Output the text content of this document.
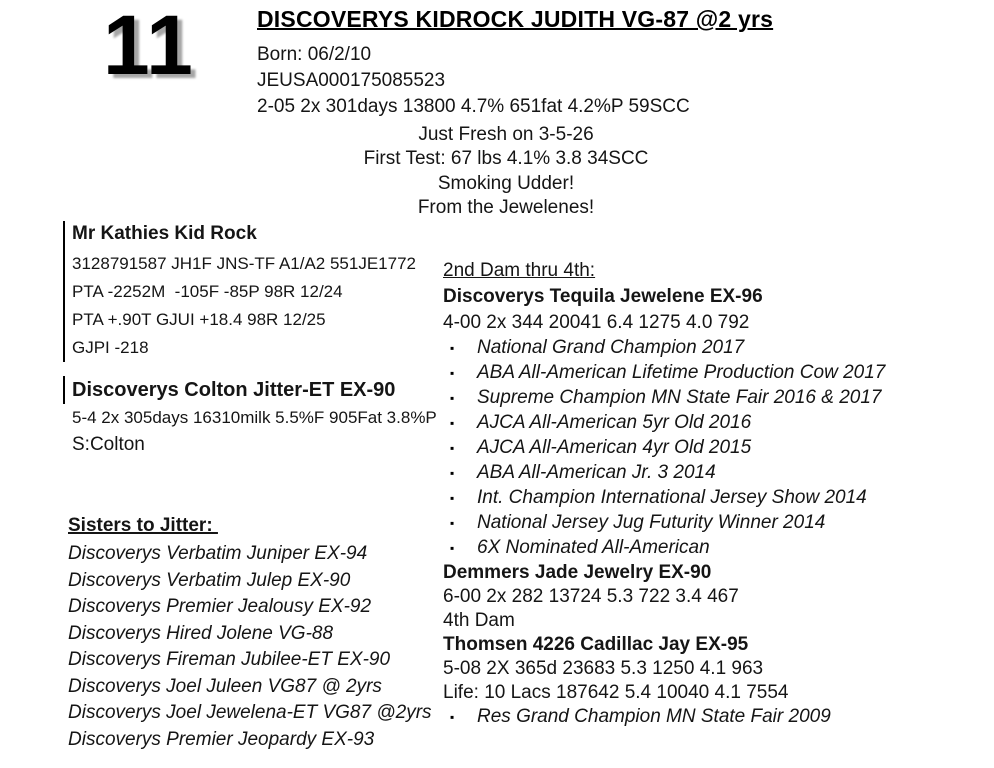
11	DISCOVERYS KIDROCK JUDITH VG-87 @2 yrs
Born: 06/2/10
JEUSA000175085523
2-05 2x 301days 13800 4.7% 651fat 4.2%P 59SCC
Just Fresh on 3-5-26
First Test: 67 lbs 4.1% 3.8 34SCC
Smoking Udder!
From the Jewelenes!
Mr Kathies Kid Rock
3128791587 JH1F JNS-TF A1/A2 551JE1772
PTA -2252M  -105F -85P 98R 12/24
PTA +.90T GJUI +18.4 98R 12/25
GJPI -218
Discoverys Colton Jitter-ET EX-90
5-4 2x 305days 16310milk 5.5%F 905Fat 3.8%P
S:Colton
Sisters to Jitter:
Discoverys Verbatim Juniper EX-94
Discoverys Verbatim Julep EX-90
Discoverys Premier Jealousy EX-92
Discoverys Hired Jolene VG-88
Discoverys Fireman Jubilee-ET EX-90
Discoverys Joel Juleen VG87 @ 2yrs
Discoverys Joel Jewelena-ET VG87 @2yrs
Discoverys Premier Jeopardy EX-93
2nd Dam thru 4th:
Discoverys Tequila Jewelene EX-96
4-00 2x 344 20041 6.4 1275 4.0 792
▪	National Grand Champion 2017
▪	ABA All-American Lifetime Production Cow 2017
▪	Supreme Champion MN State Fair 2016 & 2017
▪	AJCA All-American 5yr Old 2016
▪	AJCA All-American 4yr Old 2015
▪	ABA All-American Jr. 3 2014
▪	Int. Champion International Jersey Show 2014
▪	National Jersey Jug Futurity Winner 2014
▪	6X Nominated All-American
Demmers Jade Jewelry EX-90
6-00 2x 282 13724 5.3 722 3.4 467
4th Dam
Thomsen 4226 Cadillac Jay EX-95
5-08 2X 365d 23683 5.3 1250 4.1 963
Life: 10 Lacs 187642 5.4 10040 4.1 7554
▪	Res Grand Champion MN State Fair 2009
